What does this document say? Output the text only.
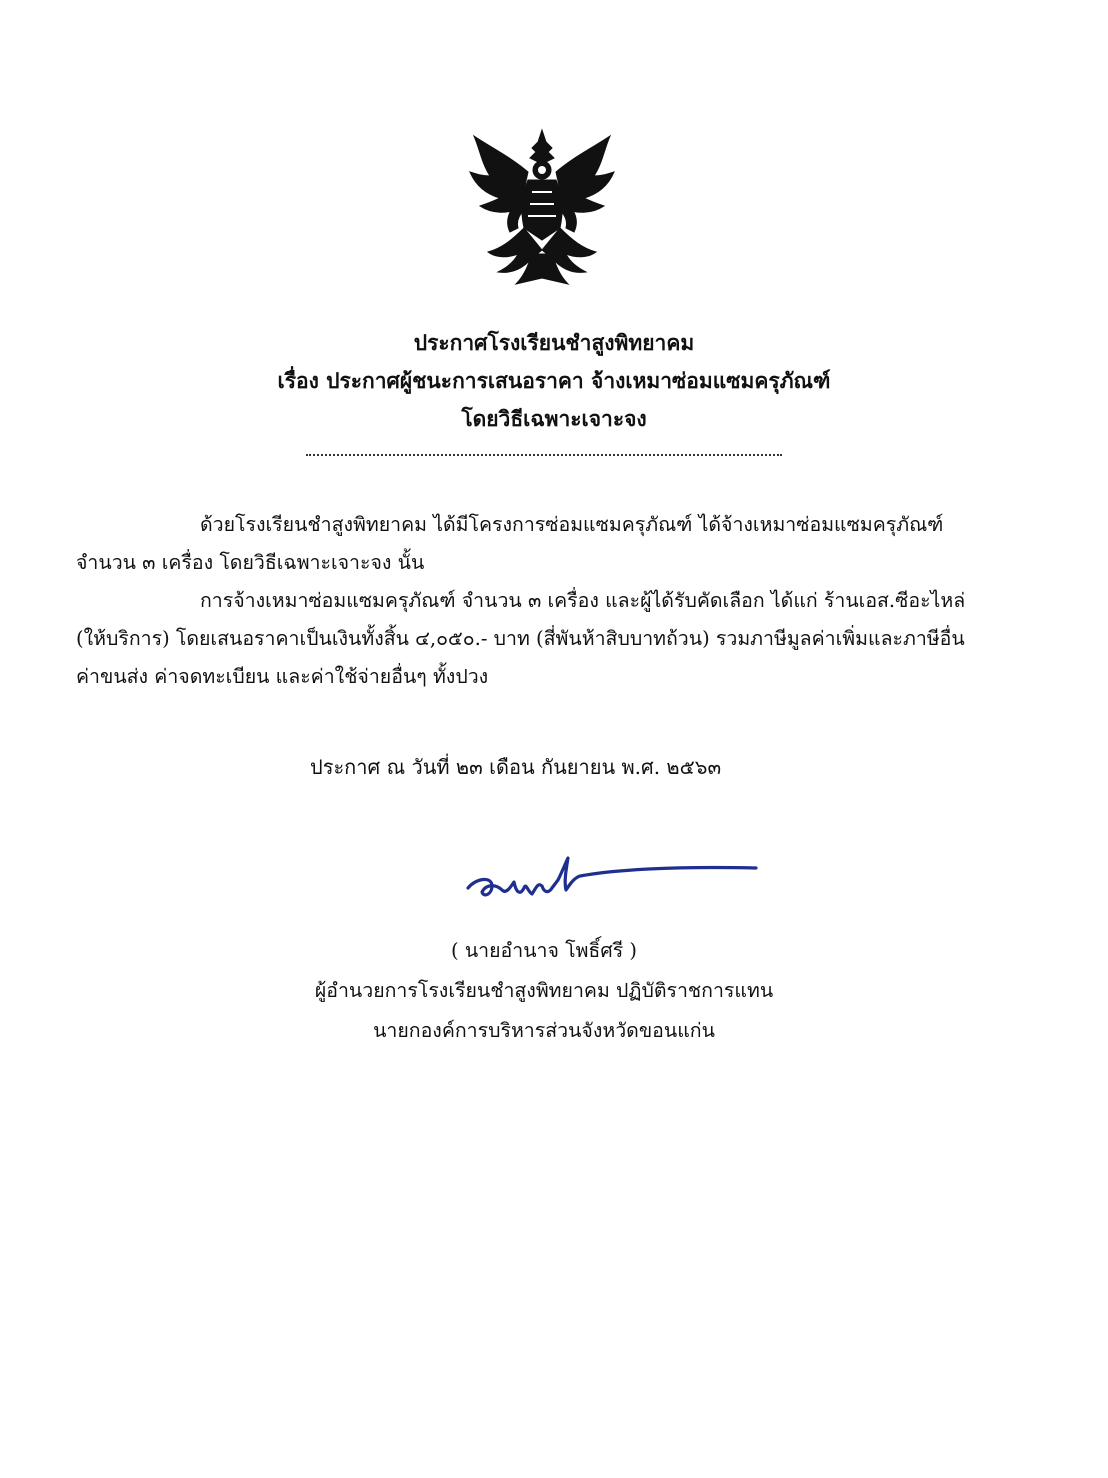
ประกาศโรงเรียนชำสูงพิทยาคม
เรื่อง ประกาศผู้ชนะการเสนอราคา จ้างเหมาซ่อมแซมครุภัณฑ์
โดยวิธีเฉพาะเจาะจง
ด้วยโรงเรียนชำสูงพิทยาคม ได้มีโครงการซ่อมแซมครุภัณฑ์ ได้จ้างเหมาซ่อมแซมครุภัณฑ์
จำนวน ๓ เครื่อง โดยวิธีเฉพาะเจาะจง นั้น
การจ้างเหมาซ่อมแซมครุภัณฑ์ จำนวน ๓ เครื่อง และผู้ได้รับคัดเลือก ได้แก่ ร้านเอส.ซีอะไหล่
(ให้บริการ) โดยเสนอราคาเป็นเงินทั้งสิ้น ๔,๐๕๐.- บาท (สี่พันห้าสิบบาทถ้วน) รวมภาษีมูลค่าเพิ่มและภาษีอื่น
ค่าขนส่ง ค่าจดทะเบียน และค่าใช้จ่ายอื่นๆ ทั้งปวง
ประกาศ ณ วันที่ ๒๓ เดือน กันยายน พ.ศ. ๒๕๖๓
( นายอำนาจ โพธิ์ศรี )
ผู้อำนวยการโรงเรียนชำสูงพิทยาคม ปฏิบัติราชการแทน
นายกองค์การบริหารส่วนจังหวัดขอนแก่น
